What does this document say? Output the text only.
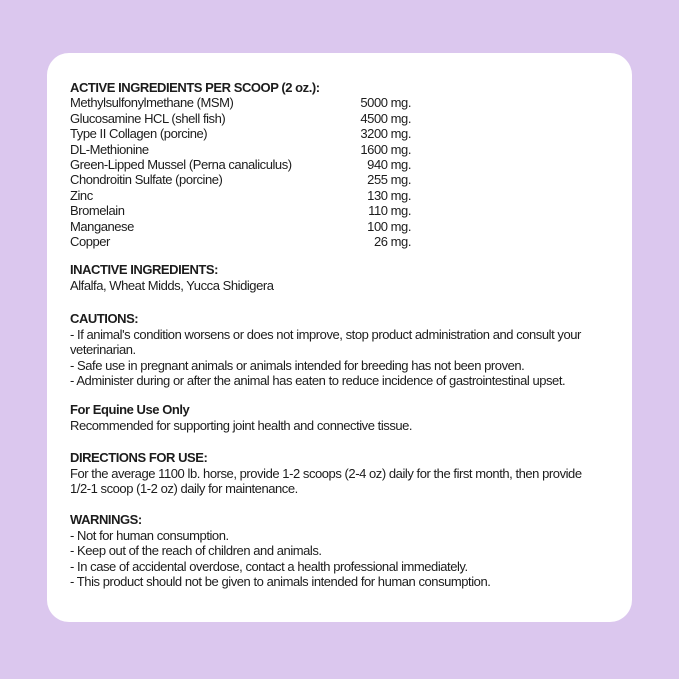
ACTIVE INGREDIENTS PER SCOOP (2 oz.):
Methylsulfonylmethane (MSM)	5000 mg.
Glucosamine HCL (shell fish)	4500 mg.
Type II Collagen (porcine)	3200 mg.
DL-Methionine	1600 mg.
Green-Lipped Mussel (Perna canaliculus)	940 mg.
Chondroitin Sulfate (porcine)	255 mg.
Zinc	130 mg.
Bromelain	110 mg.
Manganese	100 mg.
Copper	26 mg.
INACTIVE INGREDIENTS:
Alfalfa, Wheat Midds, Yucca Shidigera
CAUTIONS:
- If animal's condition worsens or does not improve, stop product administration and consult your
veterinarian.
- Safe use in pregnant animals or animals intended for breeding has not been proven.
- Administer during or after the animal has eaten to reduce incidence of gastrointestinal upset.
For Equine Use Only
Recommended for supporting joint health and connective tissue.
DIRECTIONS FOR USE:
For the average 1100 lb. horse, provide 1-2 scoops (2-4 oz) daily for the first month, then provide
1/2-1 scoop (1-2 oz) daily for maintenance.
WARNINGS:
- Not for human consumption.
- Keep out of the reach of children and animals.
- In case of accidental overdose, contact a health professional immediately.
- This product should not be given to animals intended for human consumption.
